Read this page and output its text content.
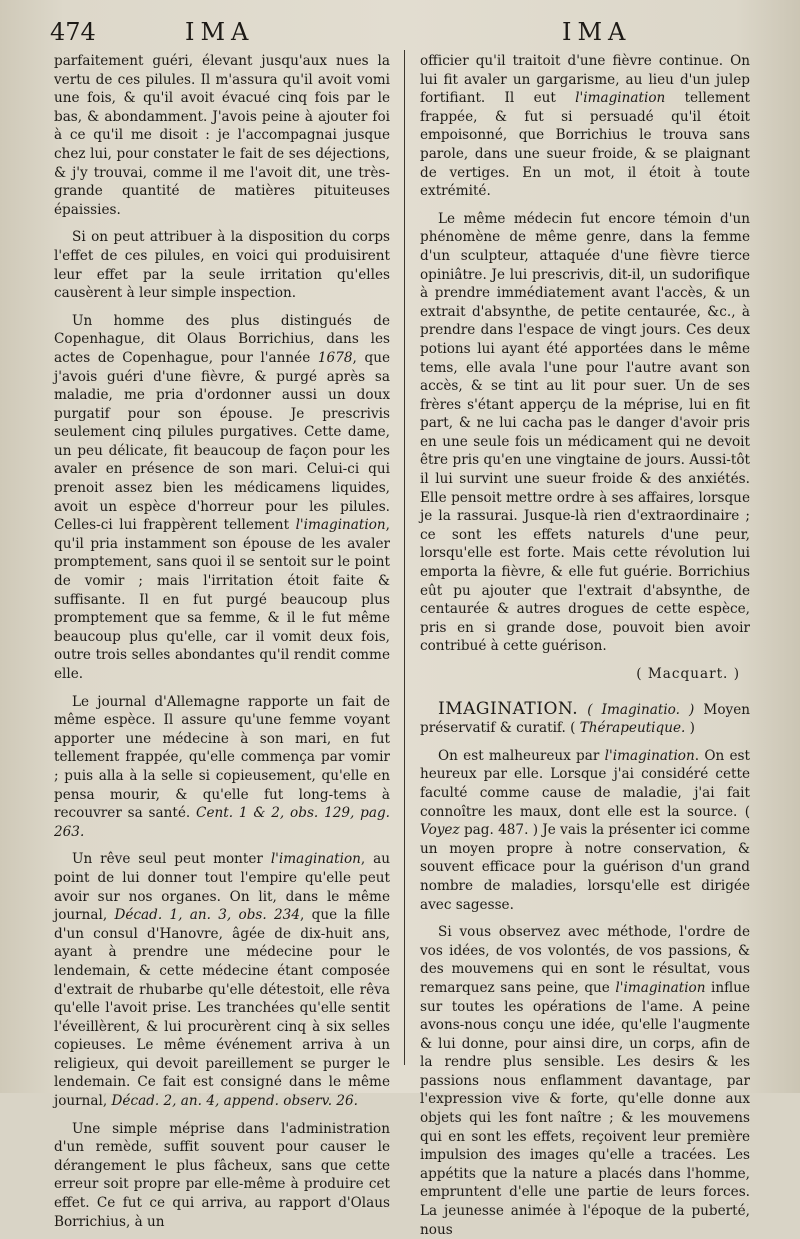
474	IMA	IMA

parfaitement guéri, élevant jusqu'aux nues la vertu de ces pilules. Il m'assura qu'il avoit vomi une fois, & qu'il avoit évacué cinq fois par le bas, & abondamment. J'avois peine à ajouter foi à ce qu'il me disoit : je l'accompagnai jusque chez lui, pour constater le fait de ses déjections, & j'y trouvai, comme il me l'avoit dit, une très-grande quantité de matières pituiteuses épaissies.

Si on peut attribuer à la disposition du corps l'effet de ces pilules, en voici qui produisirent leur effet par la seule irritation qu'elles causèrent à leur simple inspection.

Un homme des plus distingués de Copenhague, dit Olaus Borrichius, dans les actes de Copenhague, pour l'année 1678, que j'avois guéri d'une fièvre, & purgé après sa maladie, me pria d'ordonner aussi un doux purgatif pour son épouse. Je prescrivis seulement cinq pilules purgatives. Cette dame, un peu délicate, fit beaucoup de façon pour les avaler en présence de son mari. Celui-ci qui prenoit assez bien les médicamens liquides, avoit un espèce d'horreur pour les pilules. Celles-ci lui frappèrent tellement l'imagination, qu'il pria instamment son épouse de les avaler promptement, sans quoi il se sentoit sur le point de vomir ; mais l'irritation étoit faite & suffisante. Il en fut purgé beaucoup plus promptement que sa femme, & il le fut même beaucoup plus qu'elle, car il vomit deux fois, outre trois selles abondantes qu'il rendit comme elle.

Le journal d'Allemagne rapporte un fait de même espèce. Il assure qu'une femme voyant apporter une médecine à son mari, en fut tellement frappée, qu'elle commença par vomir ; puis alla à la selle si copieusement, qu'elle en pensa mourir, & qu'elle fut long-tems à recouvrer sa santé. Cent. 1 & 2, obs. 129, pag. 263.

Un rêve seul peut monter l'imagination, au point de lui donner tout l'empire qu'elle peut avoir sur nos organes. On lit, dans le même journal, Décad. 1, an. 3, obs. 234, que la fille d'un consul d'Hanovre, âgée de dix-huit ans, ayant à prendre une médecine pour le lendemain, & cette médecine étant composée d'extrait de rhubarbe qu'elle détestoit, elle rêva qu'elle l'avoit prise. Les tranchées qu'elle sentit l'éveillèrent, & lui procurèrent cinq à six selles copieuses. Le même événement arriva à un religieux, qui devoit pareillement se purger le lendemain. Ce fait est consigné dans le même journal, Décad. 2, an. 4, append. observ. 26.

Une simple méprise dans l'administration d'un remède, suffit souvent pour causer le dérangement le plus fâcheux, sans que cette erreur soit propre par elle-même à produire cet effet. Ce fut ce qui arriva, au rapport d'Olaus Borrichius, à un

officier qu'il traitoit d'une fièvre continue. On lui fit avaler un gargarisme, au lieu d'un julep fortifiant. Il eut l'imagination tellement frappée, & fut si persuadé qu'il étoit empoisonné, que Borrichius le trouva sans parole, dans une sueur froide, & se plaignant de vertiges. En un mot, il étoit à toute extrémité.

Le même médecin fut encore témoin d'un phénomène de même genre, dans la femme d'un sculpteur, attaquée d'une fièvre tierce opiniâtre. Je lui prescrivis, dit-il, un sudorifique à prendre immédiatement avant l'accès, & un extrait d'absynthe, de petite centaurée, &c., à prendre dans l'espace de vingt jours. Ces deux potions lui ayant été apportées dans le même tems, elle avala l'une pour l'autre avant son accès, & se tint au lit pour suer. Un de ses frères s'étant apperçu de la méprise, lui en fit part, & ne lui cacha pas le danger d'avoir pris en une seule fois un médicament qui ne devoit être pris qu'en une vingtaine de jours. Aussi-tôt il lui survint une sueur froide & des anxiétés. Elle pensoit mettre ordre à ses affaires, lorsque je la rassurai. Jusque-là rien d'extraordinaire ; ce sont les effets naturels d'une peur, lorsqu'elle est forte. Mais cette révolution lui emporta la fièvre, & elle fut guérie. Borrichius eût pu ajouter que l'extrait d'absynthe, de centaurée & autres drogues de cette espèce, pris en si grande dose, pouvoit bien avoir contribué à cette guérison.

( Macquart. )

IMAGINATION. ( Imaginatio. ) Moyen préservatif & curatif. ( Thérapeutique. )

On est malheureux par l'imagination. On est heureux par elle. Lorsque j'ai considéré cette faculté comme cause de maladie, j'ai fait connoître les maux, dont elle est la source. ( Voyez pag. 487. ) Je vais la présenter ici comme un moyen propre à notre conservation, & souvent efficace pour la guérison d'un grand nombre de maladies, lorsqu'elle est dirigée avec sagesse.

Si vous observez avec méthode, l'ordre de vos idées, de vos volontés, de vos passions, & des mouvemens qui en sont le résultat, vous remarquez sans peine, que l'imagination influe sur toutes les opérations de l'ame. A peine avons-nous conçu une idée, qu'elle l'augmente & lui donne, pour ainsi dire, un corps, afin de la rendre plus sensible. Les desirs & les passions nous enflamment davantage, par l'expression vive & forte, qu'elle donne aux objets qui les font naître ; & les mouvemens qui en sont les effets, reçoivent leur première impulsion des images qu'elle a tracées. Les appétits que la nature a placés dans l'homme, empruntent d'elle une partie de leurs forces. La jeunesse animée à l'époque de la puberté, nous
